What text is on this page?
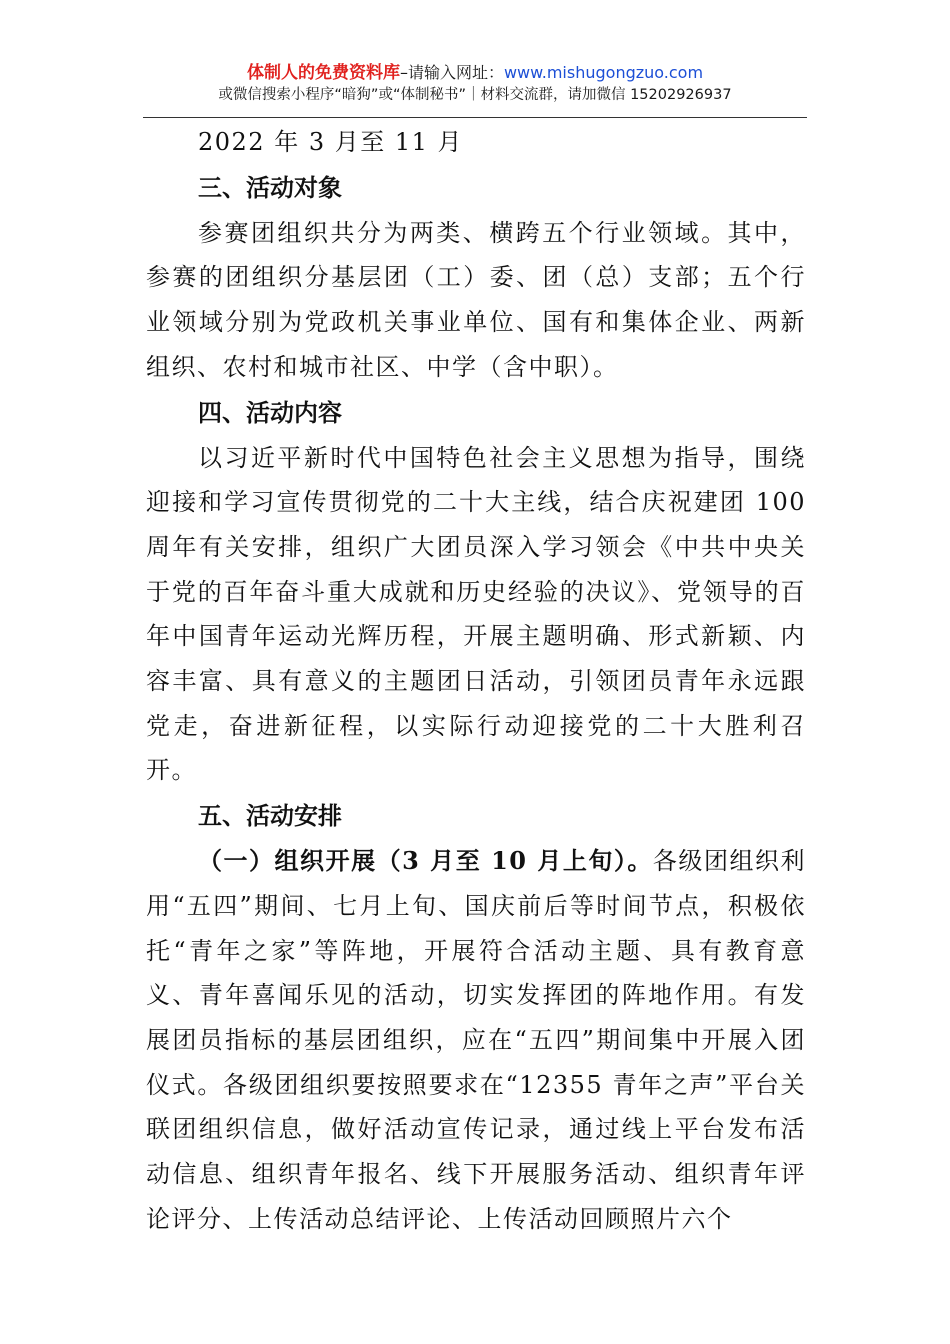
体制人的免费资料库–请输入网址：www.mishugongzuo.com
或微信搜索小程序“暗狗”或“体制秘书”｜材料交流群，请加微信 15202926937

2022 年 3 月至 11 月

三、活动对象

参赛团组织共分为两类、横跨五个行业领域。其中，参赛的团组织分基层团（工）委、团（总）支部；五个行业领域分别为党政机关事业单位、国有和集体企业、两新组织、农村和城市社区、中学（含中职）。

四、活动内容

以习近平新时代中国特色社会主义思想为指导，围绕迎接和学习宣传贯彻党的二十大主线，结合庆祝建团 100 周年有关安排，组织广大团员深入学习领会《中共中央关于党的百年奋斗重大成就和历史经验的决议》、党领导的百年中国青年运动光辉历程，开展主题明确、形式新颖、内容丰富、具有意义的主题团日活动，引领团员青年永远跟党走，奋进新征程，以实际行动迎接党的二十大胜利召开。

五、活动安排

（一）组织开展（3 月至 10 月上旬）。各级团组织利用“五四”期间、七月上旬、国庆前后等时间节点，积极依托“青年之家”等阵地，开展符合活动主题、具有教育意义、青年喜闻乐见的活动，切实发挥团的阵地作用。有发展团员指标的基层团组织，应在“五四”期间集中开展入团仪式。各级团组织要按照要求在“12355 青年之声”平台关联团组织信息，做好活动宣传记录，通过线上平台发布活动信息、组织青年报名、线下开展服务活动、组织青年评论评分、上传活动总结评论、上传活动回顾照片六个
